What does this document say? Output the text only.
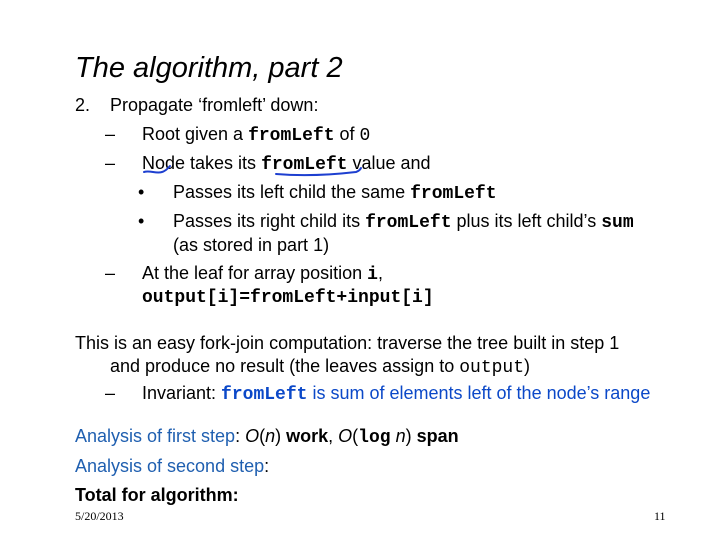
The algorithm, part 2
2. Propagate ‘fromleft’ down:
– Root given a fromLeft of 0
– Node takes its fromLeft value and
• Passes its left child the same fromLeft
• Passes its right child its fromLeft plus its left child’s sum
(as stored in part 1)
– At the leaf for array position i,
output[i]=fromLeft+input[i]
This is an easy fork-join computation: traverse the tree built in step 1
and produce no result (the leaves assign to output)
– Invariant: fromLeft is sum of elements left of the node’s range
Analysis of first step: O(n) work, O(log n) span
Analysis of second step:
Total for algorithm:
5/20/2013	11
